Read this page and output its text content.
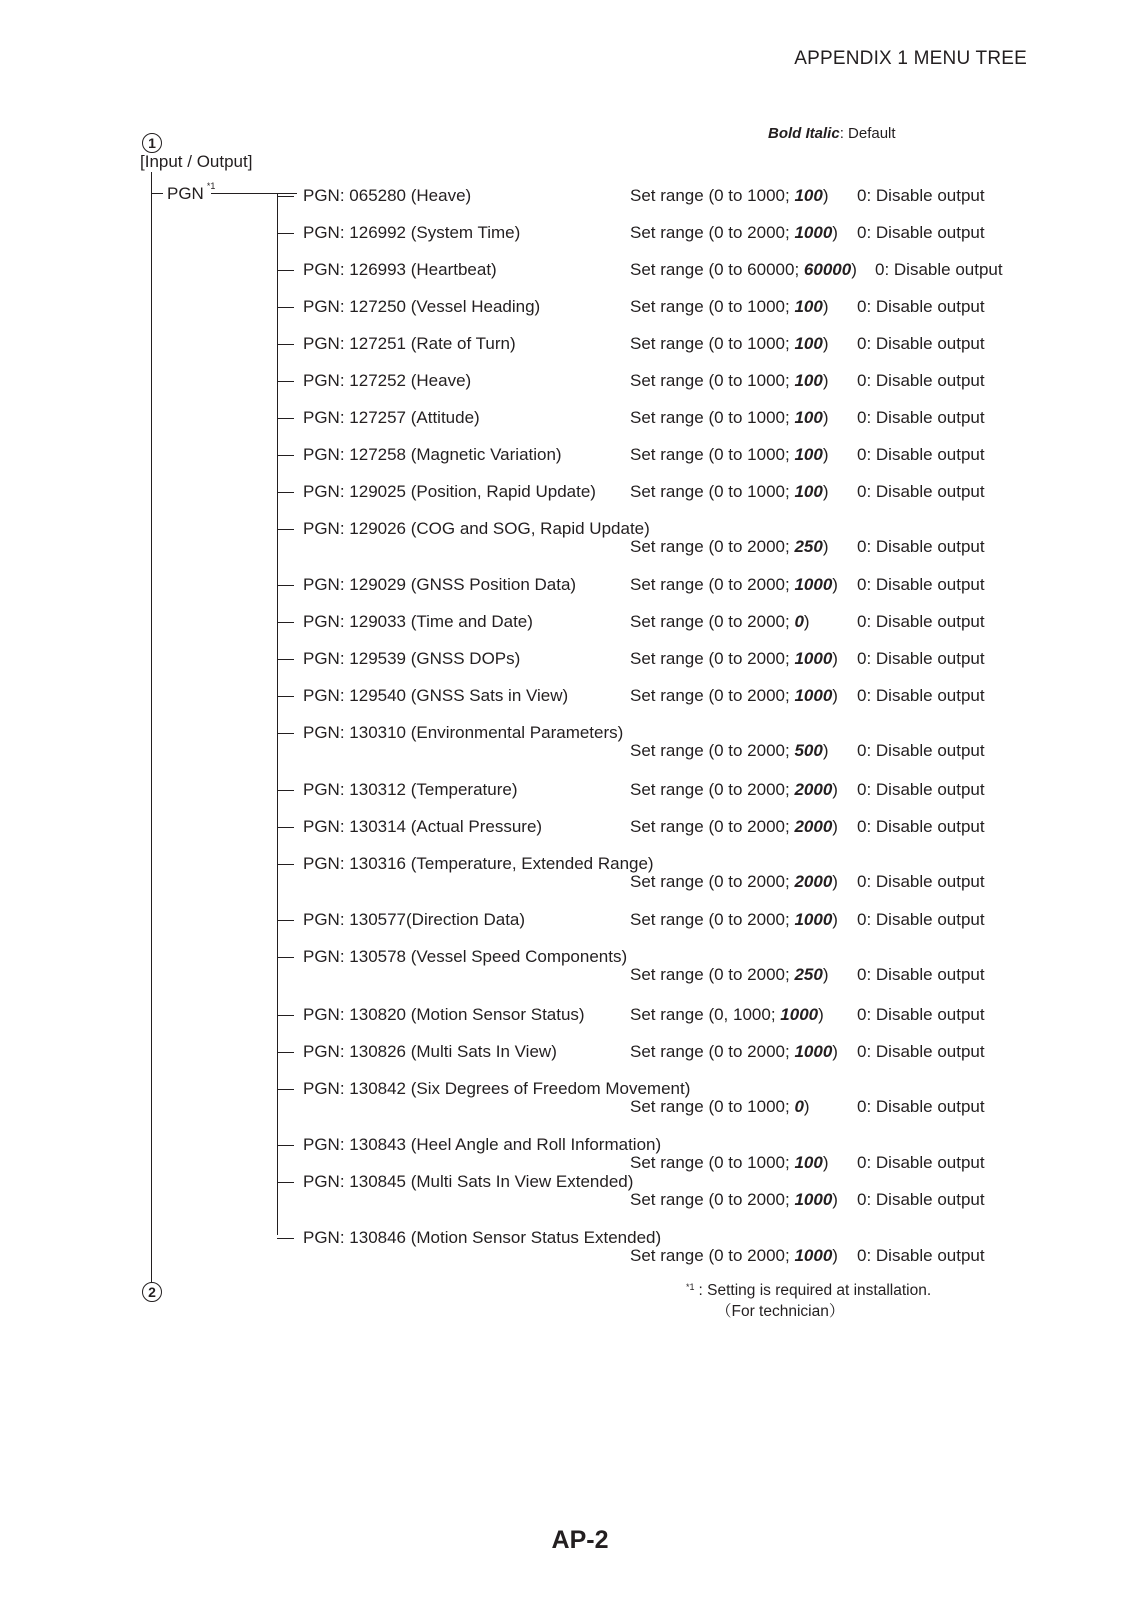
APPENDIX 1 MENU TREE
Bold Italic: Default
1
[Input / Output]
PGN $^{*1}$	PGN: 065280 (Heave)	Set range (0 to 1000; 100) 0: Disable output
PGN: 126992 (System Time)	Set range (0 to 2000; 1000) 0: Disable output
PGN: 126993 (Heartbeat)	Set range (0 to 60000; 60000) 0: Disable output
PGN: 127250 (Vessel Heading)	Set range (0 to 1000; 100) 0: Disable output
PGN: 127251 (Rate of Turn)	Set range (0 to 1000; 100) 0: Disable output
PGN: 127252 (Heave)	Set range (0 to 1000; 100) 0: Disable output
PGN: 127257 (Attitude)	Set range (0 to 1000; 100) 0: Disable output
PGN: 127258 (Magnetic Variation)	Set range (0 to 1000; 100) 0: Disable output
PGN: 129025 (Position, Rapid Update) Set range (0 to 1000; 100) 0: Disable output
PGN: 129026 (COG and SOG, Rapid Update)
Set range (0 to 2000; 250) 0: Disable output
PGN: 129029 (GNSS Position Data)	Set range (0 to 2000; 1000) 0: Disable output
PGN: 129033 (Time and Date)	Set range (0 to 2000; 0)	0: Disable output
PGN: 129539 (GNSS DOPs)	Set range (0 to 2000; 1000) 0: Disable output
PGN: 129540 (GNSS Sats in View)	Set range (0 to 2000; 1000) 0: Disable output
PGN: 130310 (Environmental Parameters)
Set range (0 to 2000; 500) 0: Disable output
PGN: 130312 (Temperature)	Set range (0 to 2000; 2000) 0: Disable output
PGN: 130314 (Actual Pressure)	Set range (0 to 2000; 2000) 0: Disable output
PGN: 130316 (Temperature, Extended Range)
Set range (0 to 2000; 2000) 0: Disable output
PGN: 130577(Direction Data)	Set range (0 to 2000; 1000) 0: Disable output
PGN: 130578 (Vessel Speed Components)
Set range (0 to 2000; 250) 0: Disable output
PGN: 130820 (Motion Sensor Status)	Set range (0, 1000; 1000) 0: Disable output
PGN: 130826 (Multi Sats In View)	Set range (0 to 2000; 1000) 0: Disable output
PGN: 130842 (Six Degrees of Freedom Movement)
Set range (0 to 1000; 0)	0: Disable output
PGN: 130843 (Heel Angle and Roll Information)
Set range (0 to 1000; 100) 0: Disable output
PGN: 130845 (Multi Sats In View Extended)
Set range (0 to 2000; 1000) 0: Disable output
PGN: 130846 (Motion Sensor Status Extended)
Set range (0 to 2000; 1000) 0: Disable output
2	$^{*1}$ : Setting is required at installation.
（For technician）
AP-2
